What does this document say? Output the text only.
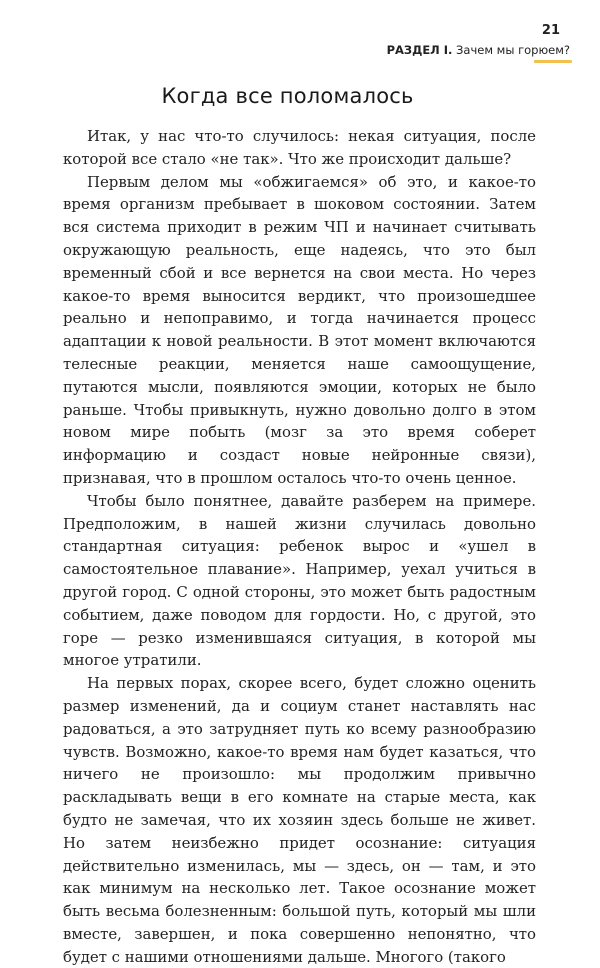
21
РАЗДЕЛ I. Зачем мы горюем?
Когда все поломалось

Итак, у нас что-то случилось: некая ситуация, после которой все стало «не так». Что же происходит дальше?

Первым делом мы «обжигаемся» об это, и какое-то время организм пребывает в шоковом состоянии. Затем вся система приходит в режим ЧП и начинает считывать окружающую реальность, еще надеясь, что это был временный сбой и все вернется на свои места. Но через какое-то время выносится вердикт, что произошедшее реально и непоправимо, и тогда начинается процесс адаптации к новой реальности. В этот момент включаются телесные реакции, меняется наше самоощущение, путаются мысли, появляются эмоции, которых не было раньше. Чтобы привыкнуть, нужно довольно долго в этом новом мире побыть (мозг за это время соберет информацию и создаст новые нейронные связи), признавая, что в прошлом осталось что-то очень ценное.

Чтобы было понятнее, давайте разберем на примере. Предположим, в нашей жизни случилась довольно стандартная ситуация: ребенок вырос и «ушел в самостоятельное плавание». Например, уехал учиться в другой город. С одной стороны, это может быть радостным событием, даже поводом для гордости. Но, с другой, это горе — резко изменившаяся ситуация, в которой мы многое утратили.

На первых порах, скорее всего, будет сложно оценить размер изменений, да и социум станет наставлять нас радоваться, а это затрудняет путь ко всему разнообразию чувств. Возможно, какое-то время нам будет казаться, что ничего не произошло: мы продолжим привычно раскладывать вещи в его комнате на старые места, как будто не замечая, что их хозяин здесь больше не живет. Но затем неизбежно придет осознание: ситуация действительно изменилась, мы — здесь, он — там, и это как минимум на несколько лет. Такое осознание может быть весьма болезненным: большой путь, который мы шли вместе, завершен, и пока совершенно непонятно, что будет с нашими отношениями дальше. Многого (такого
